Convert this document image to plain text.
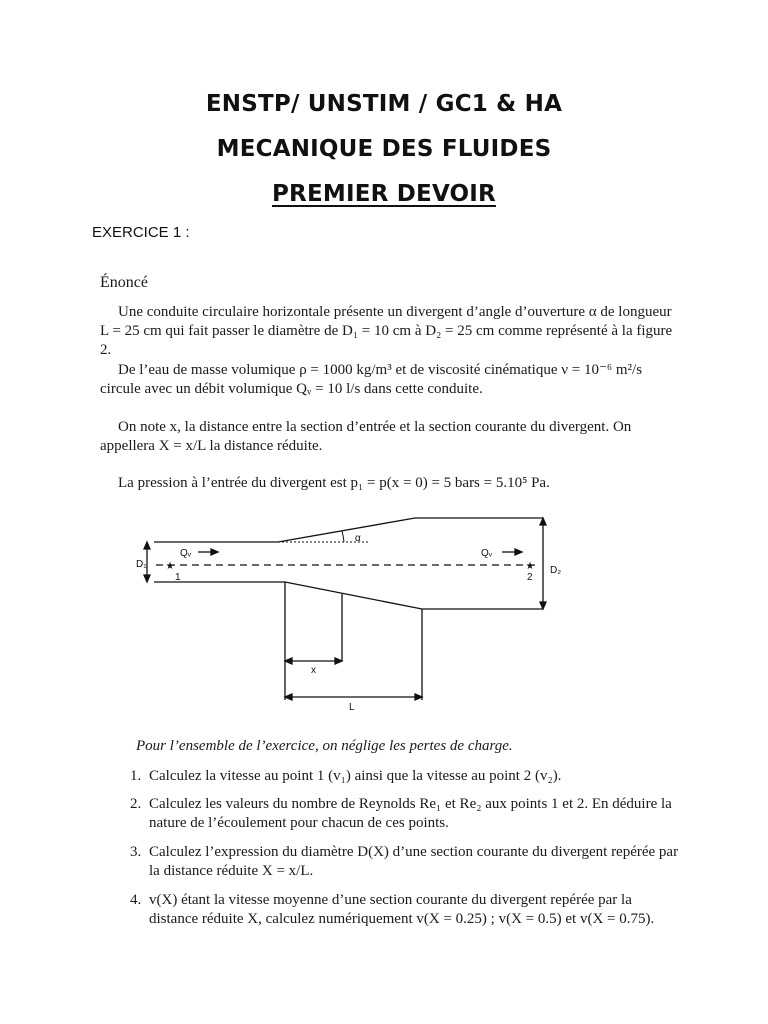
ENSTP/ UNSTIM / GC1 & HA
MECANIQUE DES FLUIDES
PREMIER DEVOIR
EXERCICE 1 :
Énoncé
Une conduite circulaire horizontale présente un divergent d’angle d’ouverture α de longueur L = 25 cm qui fait passer le diamètre de D₁ = 10 cm à D₂ = 25 cm comme représenté à la figure 2.
De l’eau de masse volumique ρ = 1000 kg/m³ et de viscosité cinématique ν = 10⁻⁶ m²/s circule avec un débit volumique Qᵥ = 10 l/s dans cette conduite.
On note x, la distance entre la section d’entrée et la section courante du divergent. On appellera X = x/L la distance réduite.
La pression à l’entrée du divergent est p₁ = p(x = 0) = 5 bars = 5.10⁵ Pa.
★	★
1	2
D₁
D₂
Qᵥ	Qᵥ
α
x
L
Pour l’ensemble de l’exercice, on néglige les pertes de charge.
1. Calculez la vitesse au point 1 (v₁) ainsi que la vitesse au point 2 (v₂).
2. Calculez les valeurs du nombre de Reynolds Re₁ et Re₂ aux points 1 et 2. En déduire la nature de l’écoulement pour chacun de ces points.
3. Calculez l’expression du diamètre D(X) d’une section courante du divergent repérée par la distance réduite X = x/L.
4. v(X) étant la vitesse moyenne d’une section courante du divergent repérée par la distance réduite X, calculez numériquement v(X = 0.25) ; v(X = 0.5) et v(X = 0.75).
